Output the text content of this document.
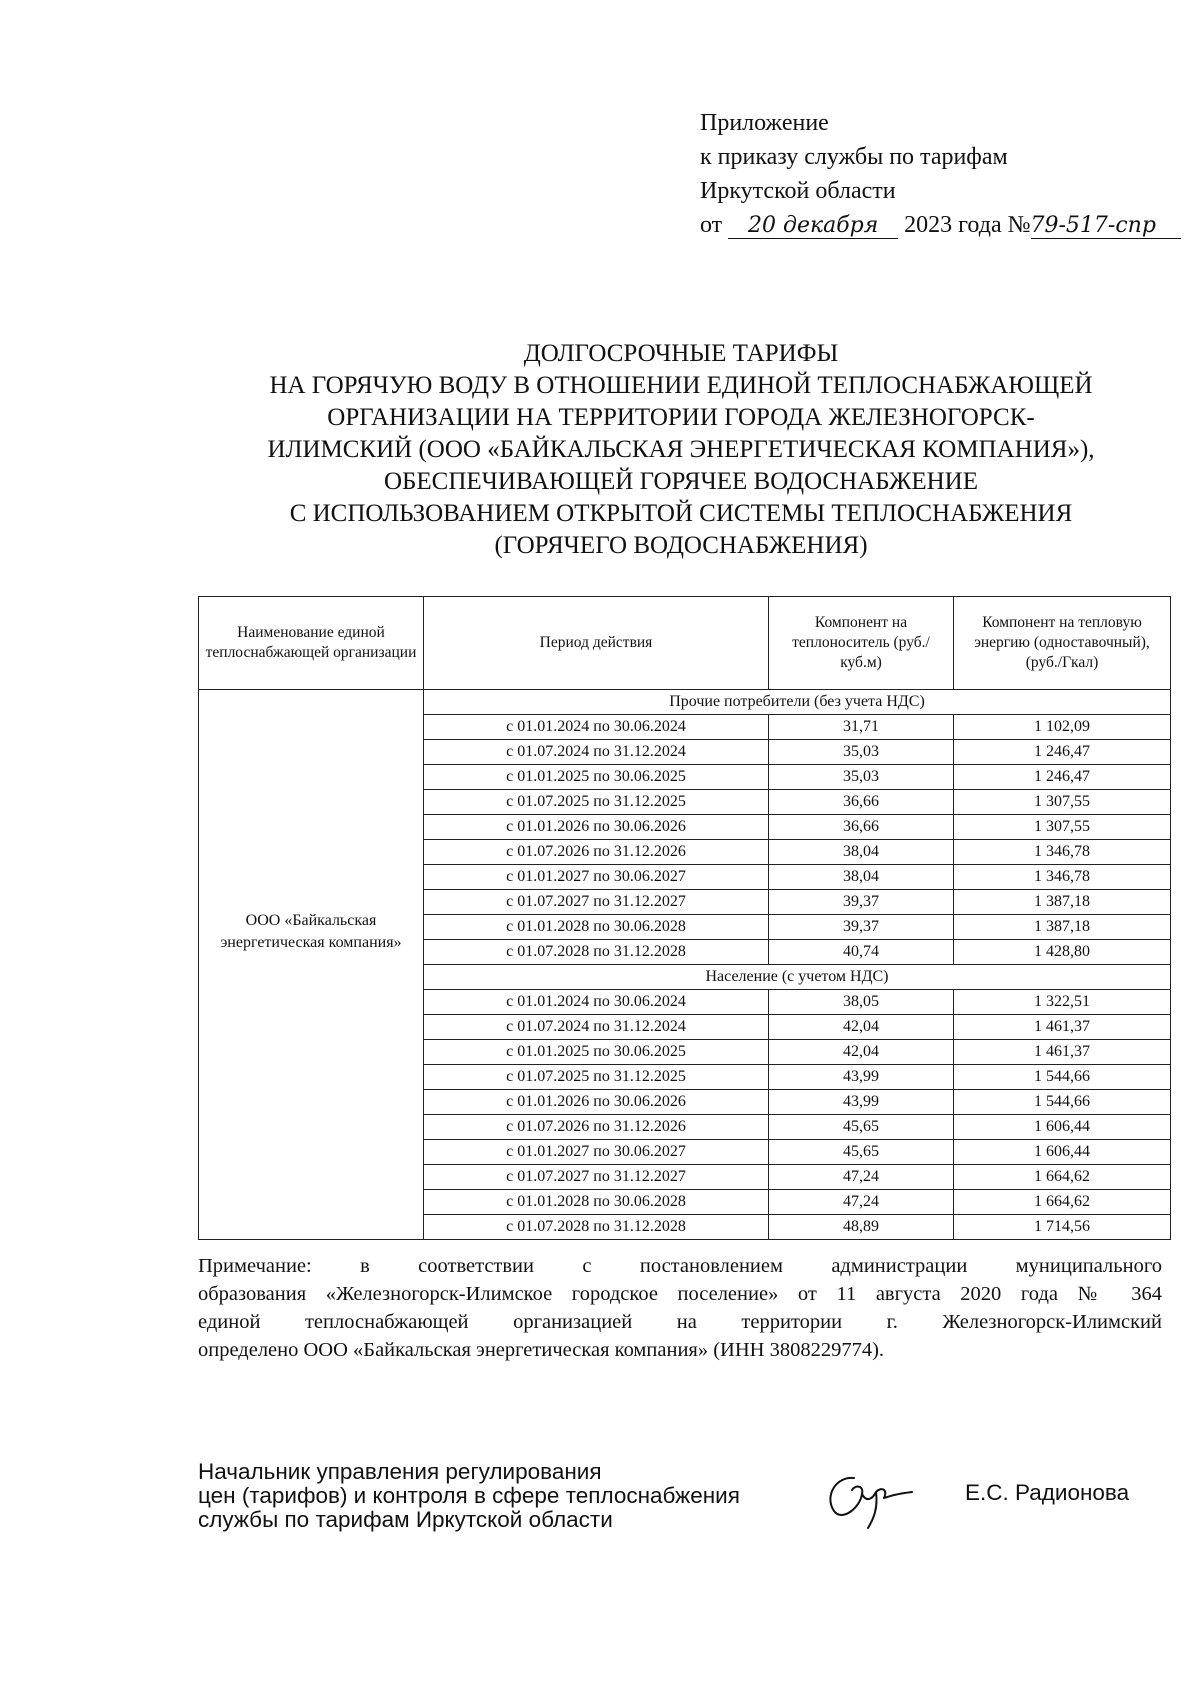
Приложение
к приказу службы по тарифам
Иркутской области
от 20 декабря 2023 года №79-517-спр
ДОЛГОСРОЧНЫЕ ТАРИФЫ
НА ГОРЯЧУЮ ВОДУ В ОТНОШЕНИИ ЕДИНОЙ ТЕПЛОСНАБЖАЮЩЕЙ
ОРГАНИЗАЦИИ НА ТЕРРИТОРИИ ГОРОДА ЖЕЛЕЗНОГОРСК-
ИЛИМСКИЙ (ООО «БАЙКАЛЬСКАЯ ЭНЕРГЕТИЧЕСКАЯ КОМПАНИЯ»),
ОБЕСПЕЧИВАЮЩЕЙ ГОРЯЧЕЕ ВОДОСНАБЖЕНИЕ
С ИСПОЛЬЗОВАНИЕМ ОТКРЫТОЙ СИСТЕМЫ ТЕПЛОСНАБЖЕНИЯ
(ГОРЯЧЕГО ВОДОСНАБЖЕНИЯ)
Наименование единой теплоснабжающей организации	Период действия	Компонент на теплоноситель (руб./куб.м)	Компонент на тепловую энергию (одноставочный), (руб./Гкал)
ООО «Байкальская энергетическая компания»	Прочие потребители (без учета НДС)		
	с 01.01.2024 по 30.06.2024	31,71	1 102,09
	с 01.07.2024 по 31.12.2024	35,03	1 246,47
	с 01.01.2025 по 30.06.2025	35,03	1 246,47
	с 01.07.2025 по 31.12.2025	36,66	1 307,55
	с 01.01.2026 по 30.06.2026	36,66	1 307,55
	с 01.07.2026 по 31.12.2026	38,04	1 346,78
	с 01.01.2027 по 30.06.2027	38,04	1 346,78
	с 01.07.2027 по 31.12.2027	39,37	1 387,18
	с 01.01.2028 по 30.06.2028	39,37	1 387,18
	с 01.07.2028 по 31.12.2028	40,74	1 428,80
	Население (с учетом НДС)		
	с 01.01.2024 по 30.06.2024	38,05	1 322,51
	с 01.07.2024 по 31.12.2024	42,04	1 461,37
	с 01.01.2025 по 30.06.2025	42,04	1 461,37
	с 01.07.2025 по 31.12.2025	43,99	1 544,66
	с 01.01.2026 по 30.06.2026	43,99	1 544,66
	с 01.07.2026 по 31.12.2026	45,65	1 606,44
	с 01.01.2027 по 30.06.2027	45,65	1 606,44
	с 01.07.2027 по 31.12.2027	47,24	1 664,62
	с 01.01.2028 по 30.06.2028	47,24	1 664,62
	с 01.07.2028 по 31.12.2028	48,89	1 714,56
Примечание: в соответствии с постановлением администрации муниципального
образования «Железногорск-Илимское городское поселение» от 11 августа 2020 года № 364
единой теплоснабжающей организацией на территории г. Железногорск-Илимский
определено ООО «Байкальская энергетическая компания» (ИНН 3808229774).
Начальник управления регулирования
цен (тарифов) и контроля в сфере теплоснабжения
службы по тарифам Иркутской области
Е.С. Радионова
